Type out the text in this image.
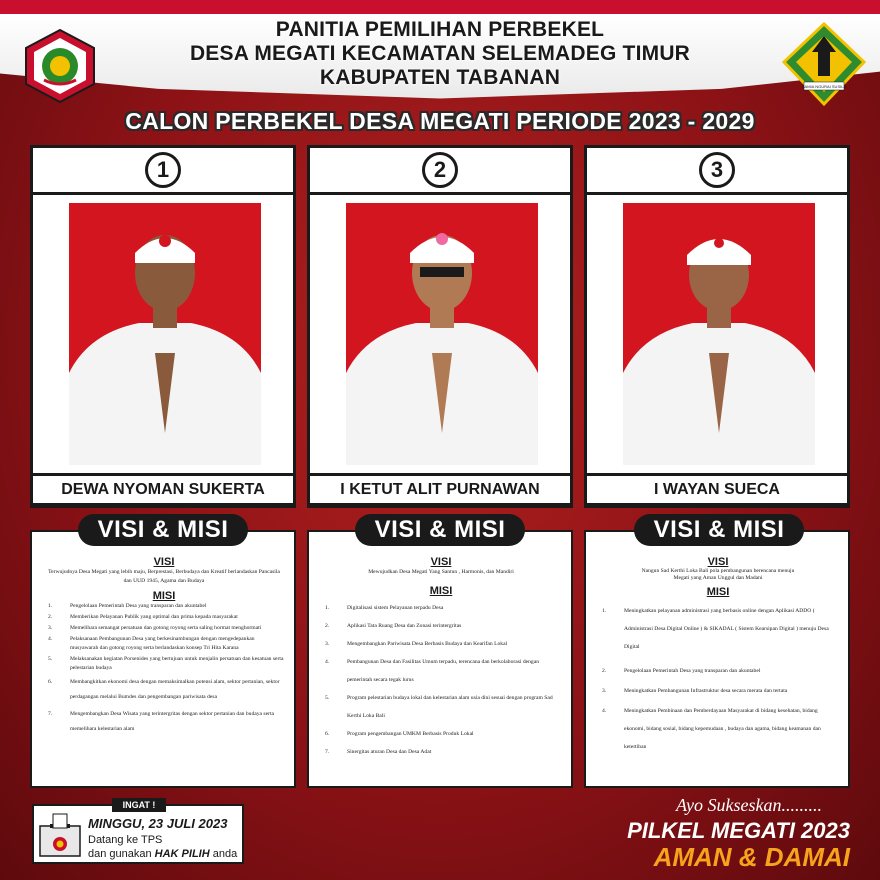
SAMIA NGURAI SUSILA
PANITIA PEMILIHAN PERBEKEL
DESA MEGATI KECAMATAN SELEMADEG TIMUR
KABUPATEN TABANAN
CALON PERBEKEL DESA MEGATI PERIODE 2023 - 2029
1
DEWA NYOMAN SUKERTA
2
I KETUT ALIT PURNAWAN
3
I WAYAN SUECA
VISI & MISI	VISI & MISI	VISI & MISI
VISI
Terwujudnya Desa Megati yang lebih maju, Berprestasi, Berbudaya dan Kreatif berlandaskan Pancasila dan UUD 1945, Agama dan Budaya
MISI
1.	Pengelolaan Pemerintah Desa yang transparan dan akuntabel
2.	Memberikan Pelayanan Publik yang optimal dan prima kepada masyarakat
3.	Memelihara semangat persatuan dan gotong royong serta saling hormat menghormati
4.	Pelaksanaan Pembangunan Desa yang berkesinambungan dengan mengedepankan musyawarah dan gotong royong serta berlandaskan konsep Tri Hita Karana
5.	Melaksanakan kegiatan Porsenides yang bertujuan untuk menjalin persatuan dan kesatuan serta pelestarian budaya
6.	Membangkitkan ekonomi desa dengan memaksimalkan potensi alam, sektor pertanian, sektor perdagangan melalui Bumdes dan pengembangan pariwisata desa
7.	Mengembangkan Desa Wisata yang terintergritas dengan sektor pertanian dan budaya serta memelihara kelestarian alam
VISI
Mewujudkan Desa Megati Yang Santun , Harmonis, dan Mandiri
MISI
1.	Digitalisasi sistem Pelayanan terpadu Desa
2.	Aplikasi Tata Ruang Desa dan Zonasi terintergritas
3.	Mengembangkan Pariwisata Desa Berbasis Budaya dan Kearifan Lokal
4.	Pembangunan Desa dan Fasilitas Umum terpadu, terencana dan berkolaborasi dengan pemerintah secara tegak lurus
5.	Program pelestarian budaya lokal dan kelestarian alam usia dini sesuai dengan program Sad Kerthi Loka Bali
6.	Program pengembangan UMKM Berbasis Produk Lokal
7.	Sinergitas aturan Desa dan Desa Adat
VISI
Nangun Sad Kerthi Loka Bali pola pembangunan berencana menuju Megati yang Aman Unggul dan Madani
MISI
1.	Meningkatkan pelayanan administrasi yang berbasis online dengan Aplikasi ADDO ( Administrasi Desa Digital Online ) & SIKADAL ( Sistem Kearsipan Digital ) menuju Desa Digital
2.	Pengelolaan Pemerintah Desa yang transparan dan akuntabel
3.	Meningkatkan Pembangunan Infrastruktur desa secara merata dan tertata
4.	Meningkatkan Pembinaan dan Pemberdayaan Masyarakat di bidang kesehatan, bidang ekonomi, bidang sosial, bidang kepemudaan , budaya dan agama, bidang keamanan dan ketertiban
INGAT !
MINGGU, 23 JULI 2023
Datang ke TPS
dan gunakan HAK PILIH anda
Ayo Sukseskan.........
PILKEL MEGATI 2023
AMAN & DAMAI
